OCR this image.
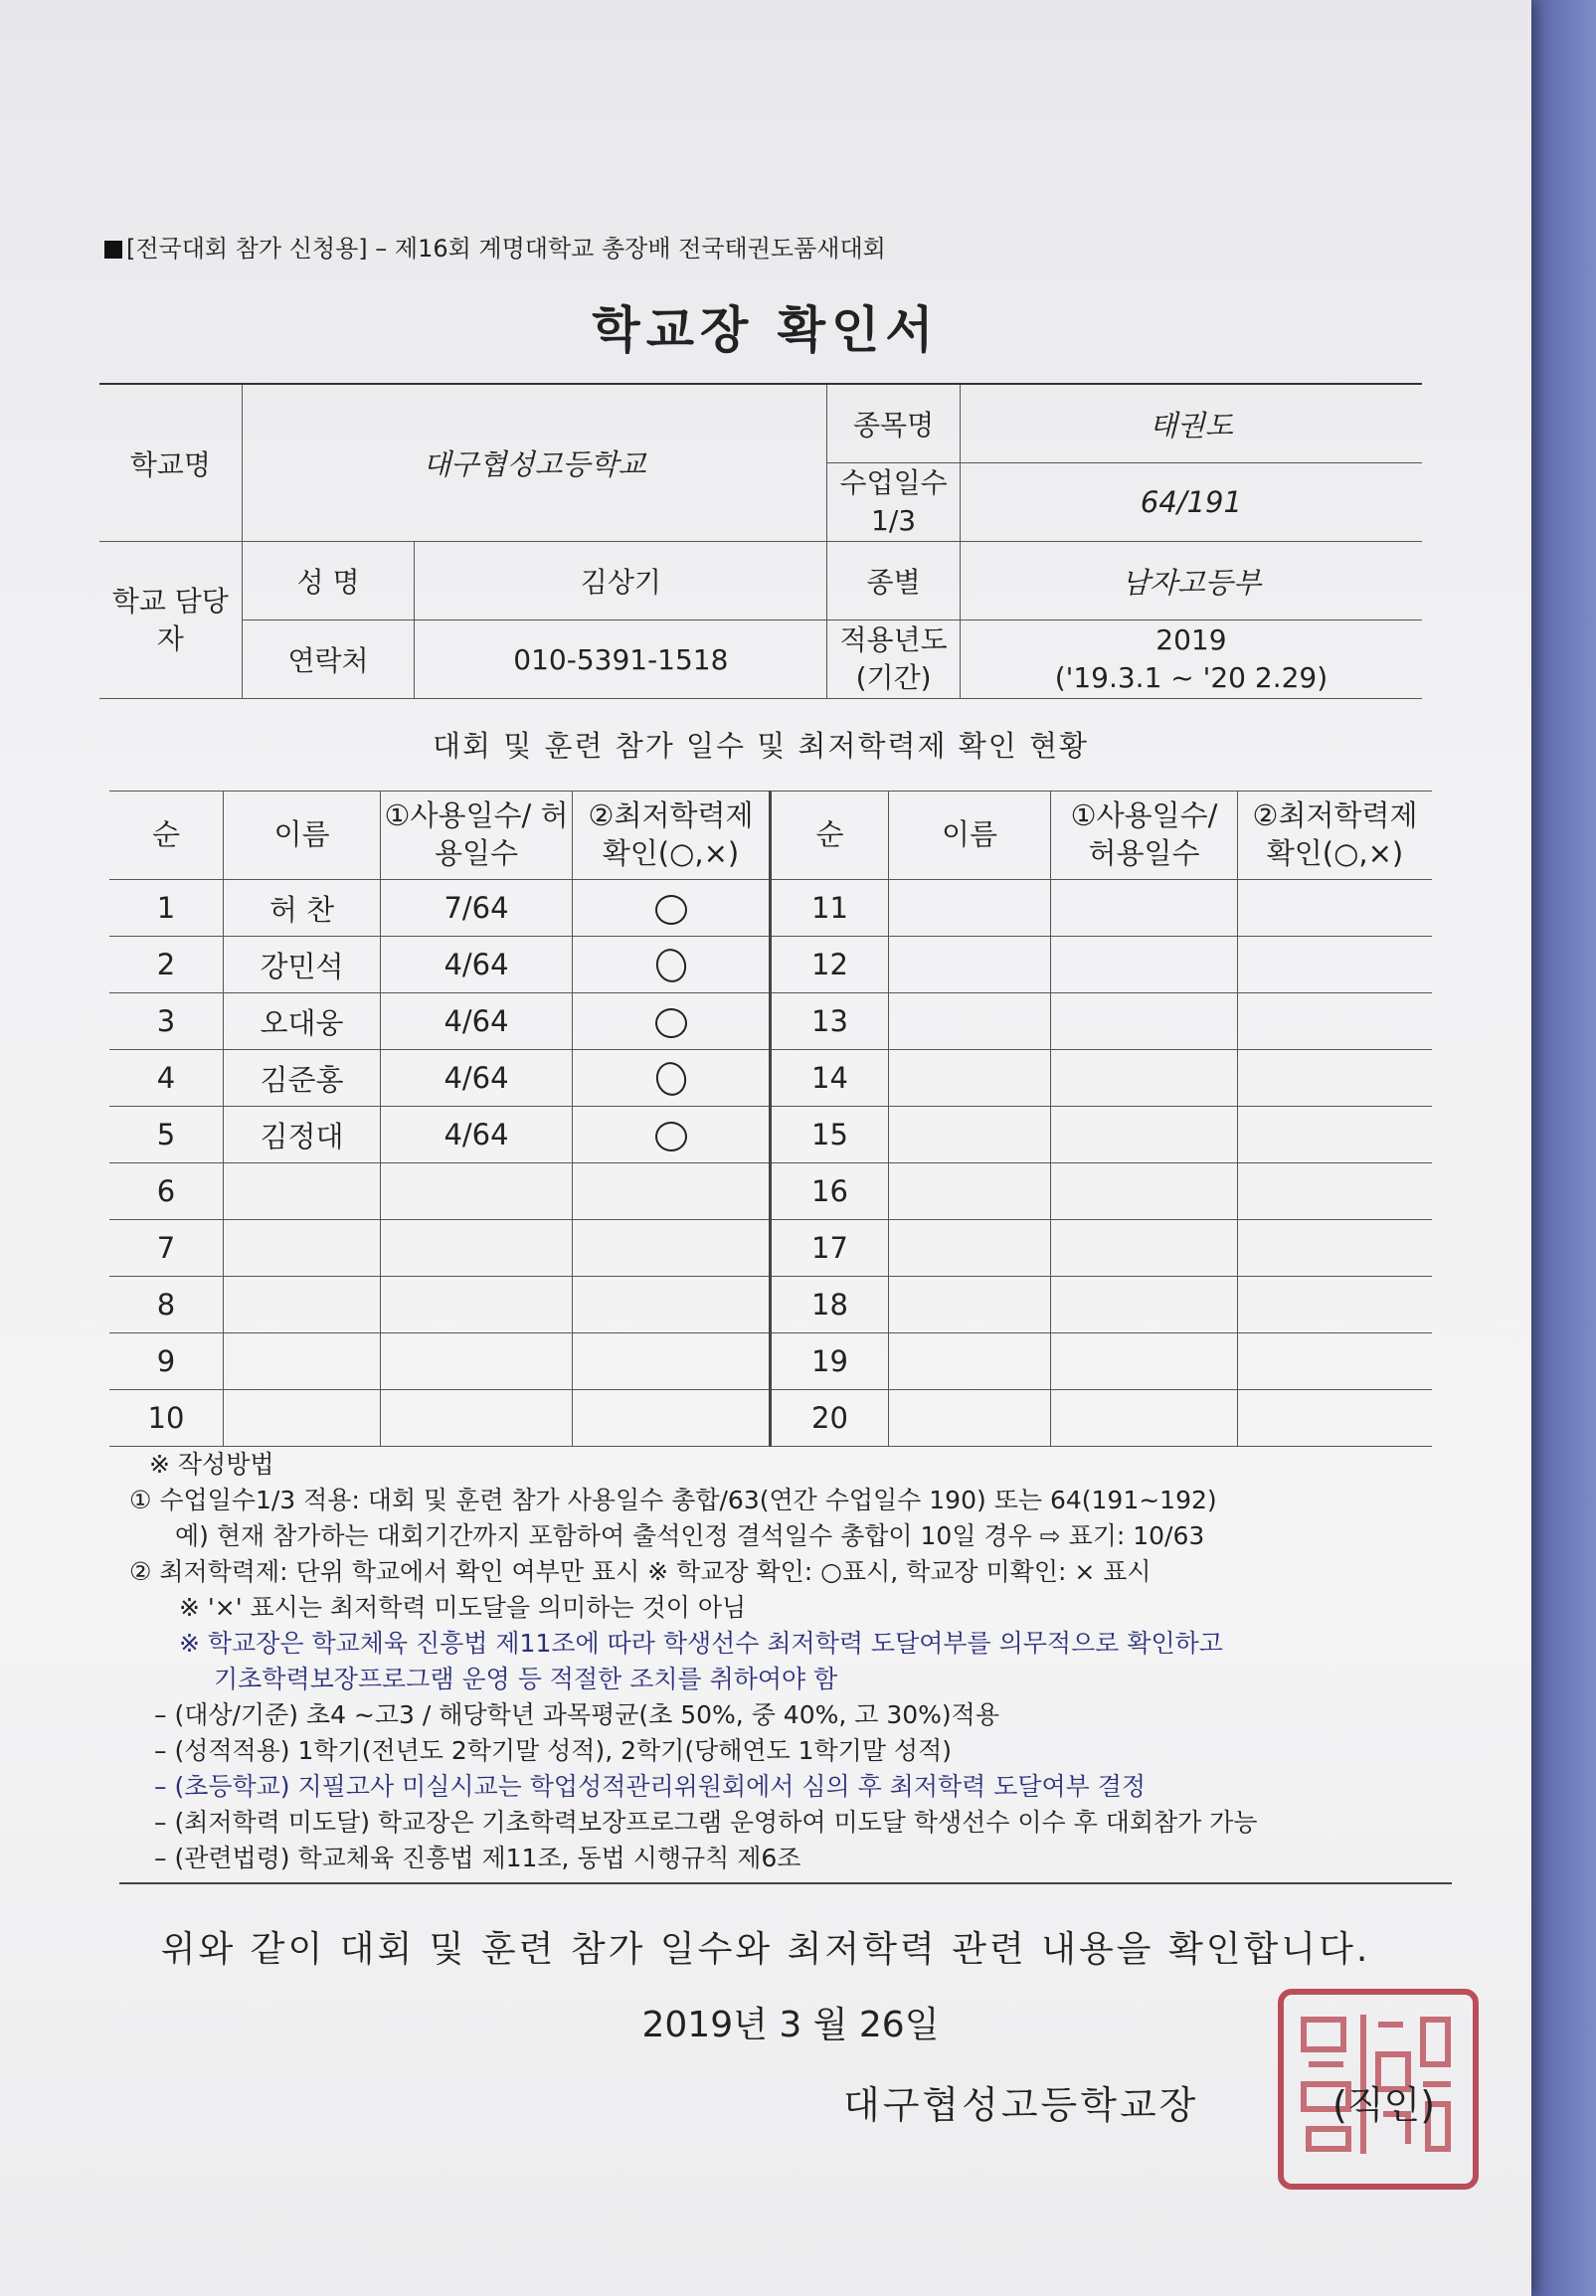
[전국대회 참가 신청용] – 제16회 계명대학교 총장배 전국태권도품새대회
학교장 확인서
학교명	대구협성고등학교		종목명	태권도
			수업일수 1/3	64/191
학교 담당자	성 명	김상기	종별	남자고등부
	연락처	010-5391-1518	적용년도 (기간)	2019
('19.3.1 ~ '20 2.29)
대회 및 훈련 참가 일수 및 최저학력제 확인 현황
순	이름	①사용일수/ 허용일수	②최저학력제 확인(○,×)	순	이름	①사용일수/ 허용일수	②최저학력제 확인(○,×)
1	허 찬	7/64		11			
2	강민석	4/64		12			
3	오대웅	4/64		13			
4	김준홍	4/64		14			
5	김정대	4/64		15			
6				16			
7				17			
8				18			
9				19			
10				20			
※ 작성방법
① 수업일수1/3 적용: 대회 및 훈련 참가 사용일수 총합/63(연간 수업일수 190) 또는 64(191~192)
예) 현재 참가하는 대회기간까지 포함하여 출석인정 결석일수 총합이 10일 경우 ⇨ 표기: 10/63
② 최저학력제: 단위 학교에서 확인 여부만 표시 ※ 학교장 확인: ○표시, 학교장 미확인: × 표시
※ '×' 표시는 최저학력 미도달을 의미하는 것이 아님
※ 학교장은 학교체육 진흥법 제11조에 따라 학생선수 최저학력 도달여부를 의무적으로 확인하고
기초학력보장프로그램 운영 등 적절한 조치를 취하여야 함
– (대상/기준) 초4 ~고3 / 해당학년 과목평균(초 50%, 중 40%, 고 30%)적용
– (성적적용) 1학기(전년도 2학기말 성적), 2학기(당해연도 1학기말 성적)
– (초등학교) 지필고사 미실시교는 학업성적관리위원회에서 심의 후 최저학력 도달여부 결정
– (최저학력 미도달) 학교장은 기초학력보장프로그램 운영하여 미도달 학생선수 이수 후 대회참가 가능
– (관련법령) 학교체육 진흥법 제11조, 동법 시행규칙 제6조
위와 같이 대회 및 훈련 참가 일수와 최저학력 관련 내용을 확인합니다.
2019년 3 월 26일
대구협성고등학교장	(직인)
